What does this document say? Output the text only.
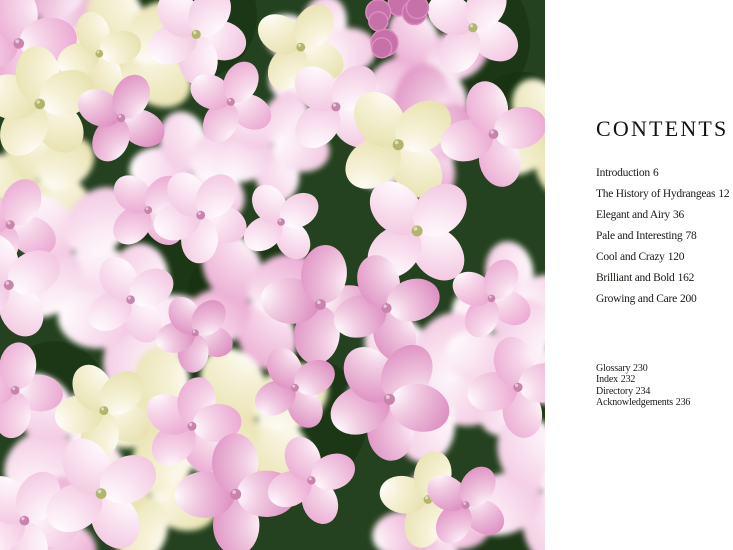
CONTENTS
Introduction 6
The History of Hydrangeas 12
Elegant and Airy 36
Pale and Interesting 78
Cool and Crazy 120
Brilliant and Bold 162
Growing and Care 200
Glossary 230
Index 232
Directory 234
Acknowledgements 236
